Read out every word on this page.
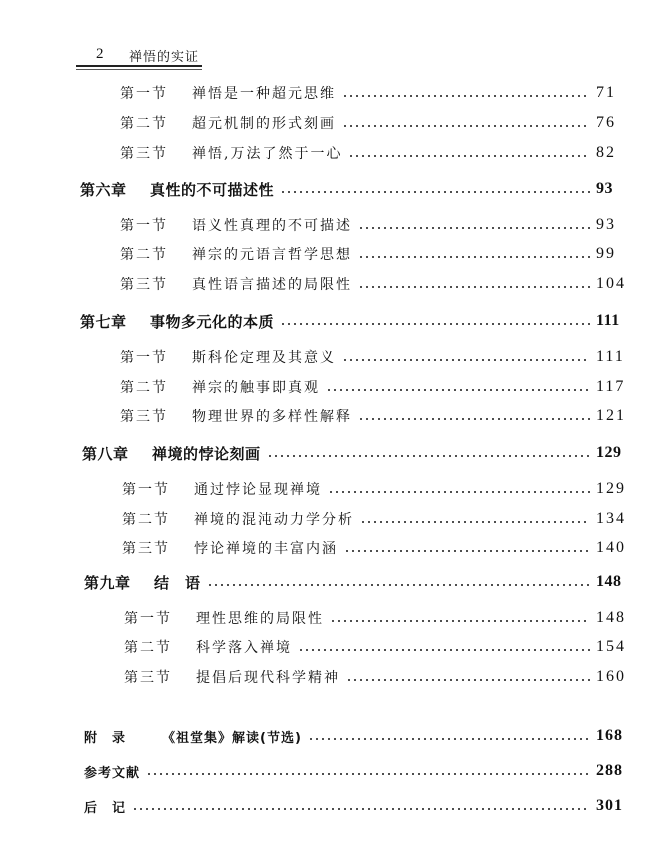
2 禅悟的实证
第一节	禅悟是一种超元思维	71
第二节	超元机制的形式刻画	76
第三节	禅悟,万法了然于一心	82
第六章	真性的不可描述性	93
第一节	语义性真理的不可描述	93
第二节	禅宗的元语言哲学思想	99
第三节	真性语言描述的局限性	104
第七章	事物多元化的本质	111
第一节	斯科伦定理及其意义	111
第二节	禅宗的触事即真观	117
第三节	物理世界的多样性解释	121
第八章	禅境的悖论刻画	129
第一节	通过悖论显现禅境	129
第二节	禅境的混沌动力学分析	134
第三节	悖论禅境的丰富内涵	140
第九章	结　语	148
第一节	理性思维的局限性	148
第二节	科学落入禅境	154
第三节	提倡后现代科学精神	160
附　录	《祖堂集》解读(节选)	168
参考文献	288
后　记	301
